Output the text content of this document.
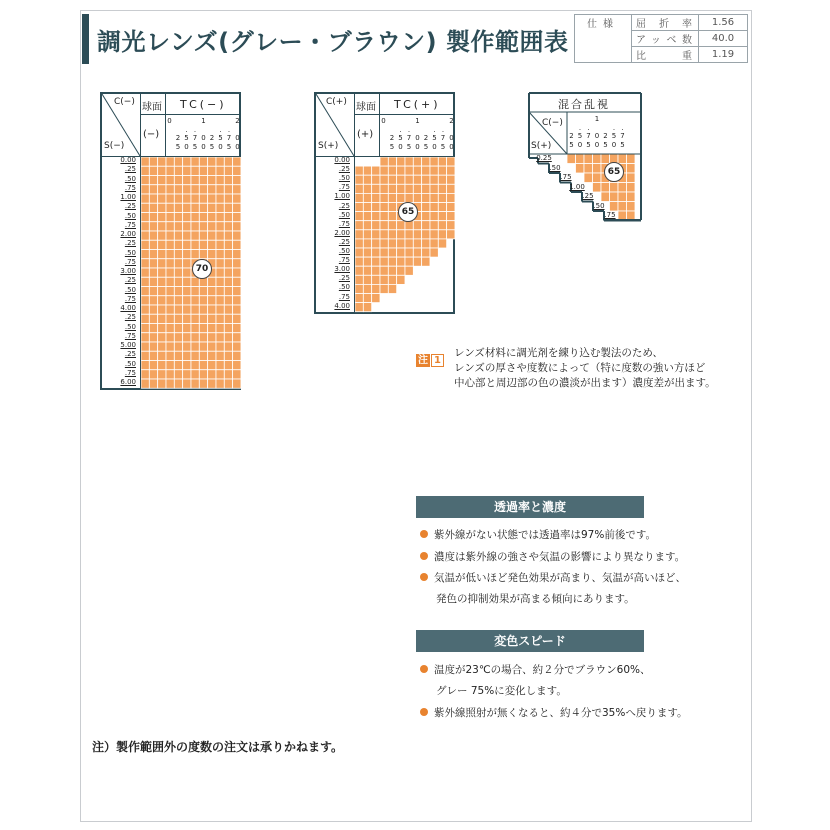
調光レンズ(グレー・ブラウン) 製作範囲表
仕様	屈折率	1.56
	アッベ数	40.0
	比重	1.19
C(−)
S(−)
球面 TC(−)
(−)
0	1	2
. .	. .
2 5 7 0 2 5 7 0
5 0 5 0 5 0 5 0
0.00
.25
.50
.75
1.00
.25
.50
.75
2.00
.25
.50
.75
3.00
.25
.50
.75
4.00
.25
.50
.75
5.00
.25
.50
.75
6.00
70
C(+)
S(+)
球面 TC(+)
(+)
0	1	2
. .	. .
2 5 7 0 2 5 7 0
5 0 5 0 5 0 5 0
0.00
.25
.50
.75
1.00
.25
.50
.75
2.00
.25
.50
.75
3.00
.25
.50
.75
4.00
65
混合乱視
C(−)
S(+)
1
. .	. .
2 5 7 0 2 5 7
5 0 5 0 5 0 5
0.25
.50
.75
1.00
.25
.50
.75
65
注 1
レンズ材料に調光剤を練り込む製法のため、
レンズの厚さや度数によって（特に度数の強い方ほど
中心部と周辺部の色の濃淡が出ます）濃度差が出ます。
透過率と濃度
紫外線がない状態では透過率は97%前後です。
濃度は紫外線の強さや気温の影響により異なります。
気温が低いほど発色効果が高まり、気温が高いほど、
発色の抑制効果が高まる傾向にあります。
変色スピード
温度が23℃の場合、約２分でブラウン60%、
グレー 75%に変化します。
紫外線照射が無くなると、約４分で35%へ戻ります。
注）製作範囲外の度数の注文は承りかねます。
